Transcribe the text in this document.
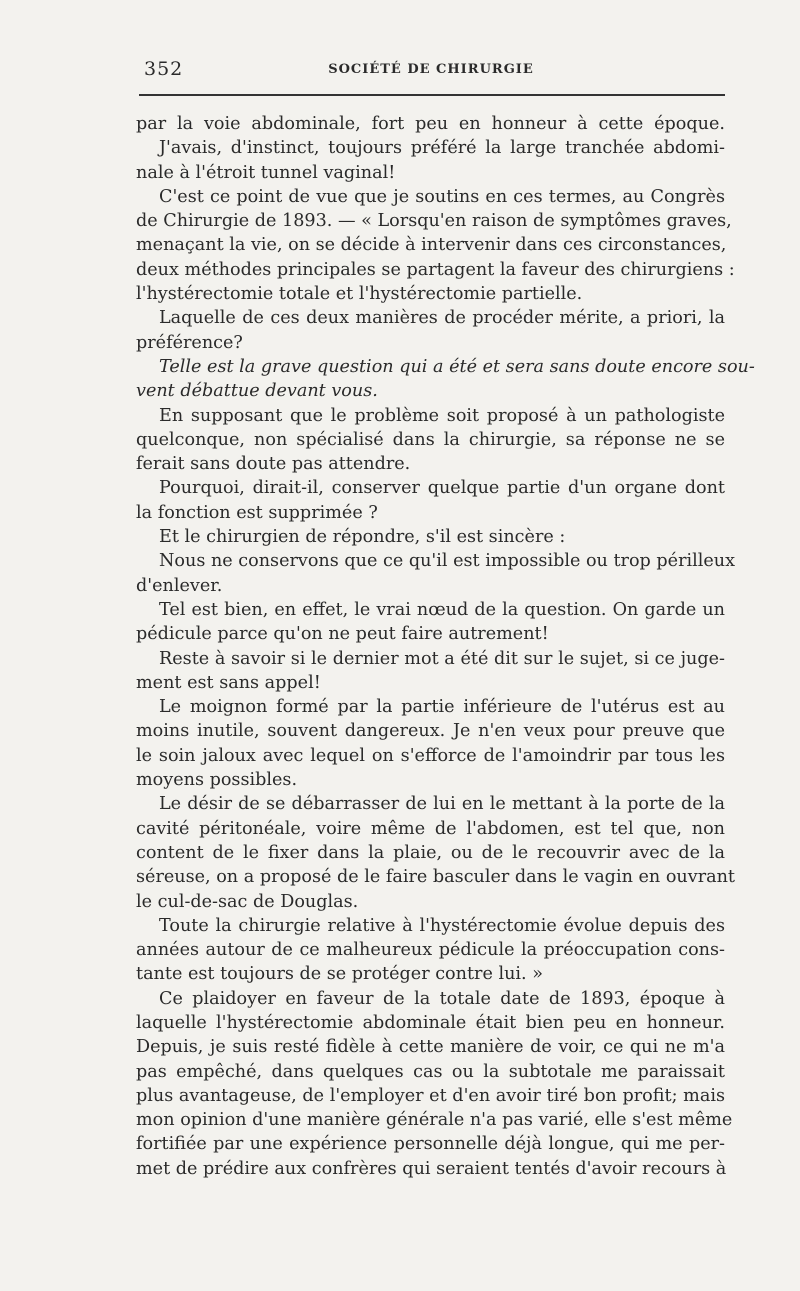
352	SOCIÉTÉ DE CHIRURGIE
par la voie abdominale, fort peu en honneur à cette époque.
J'avais, d'instinct, toujours préféré la large tranchée abdomi-
nale à l'étroit tunnel vaginal!
C'est ce point de vue que je soutins en ces termes, au Congrès
de Chirurgie de 1893. — « Lorsqu'en raison de symptômes graves,
menaçant la vie, on se décide à intervenir dans ces circonstances,
deux méthodes principales se partagent la faveur des chirurgiens :
l'hystérectomie totale et l'hystérectomie partielle.
Laquelle de ces deux manières de procéder mérite, a priori, la
préférence?
Telle est la grave question qui a été et sera sans doute encore sou-
vent débattue devant vous.
En supposant que le problème soit proposé à un pathologiste
quelconque, non spécialisé dans la chirurgie, sa réponse ne se
ferait sans doute pas attendre.
Pourquoi, dirait-il, conserver quelque partie d'un organe dont
la fonction est supprimée ?
Et le chirurgien de répondre, s'il est sincère :
Nous ne conservons que ce qu'il est impossible ou trop périlleux
d'enlever.
Tel est bien, en effet, le vrai nœud de la question. On garde un
pédicule parce qu'on ne peut faire autrement!
Reste à savoir si le dernier mot a été dit sur le sujet, si ce juge-
ment est sans appel!
Le moignon formé par la partie inférieure de l'utérus est au
moins inutile, souvent dangereux. Je n'en veux pour preuve que
le soin jaloux avec lequel on s'efforce de l'amoindrir par tous les
moyens possibles.
Le désir de se débarrasser de lui en le mettant à la porte de la
cavité péritonéale, voire même de l'abdomen, est tel que, non
content de le fixer dans la plaie, ou de le recouvrir avec de la
séreuse, on a proposé de le faire basculer dans le vagin en ouvrant
le cul-de-sac de Douglas.
Toute la chirurgie relative à l'hystérectomie évolue depuis des
années autour de ce malheureux pédicule la préoccupation cons-
tante est toujours de se protéger contre lui. »
Ce plaidoyer en faveur de la totale date de 1893, époque à
laquelle l'hystérectomie abdominale était bien peu en honneur.
Depuis, je suis resté fidèle à cette manière de voir, ce qui ne m'a
pas empêché, dans quelques cas ou la subtotale me paraissait
plus avantageuse, de l'employer et d'en avoir tiré bon profit; mais
mon opinion d'une manière générale n'a pas varié, elle s'est même
fortifiée par une expérience personnelle déjà longue, qui me per-
met de prédire aux confrères qui seraient tentés d'avoir recours à
